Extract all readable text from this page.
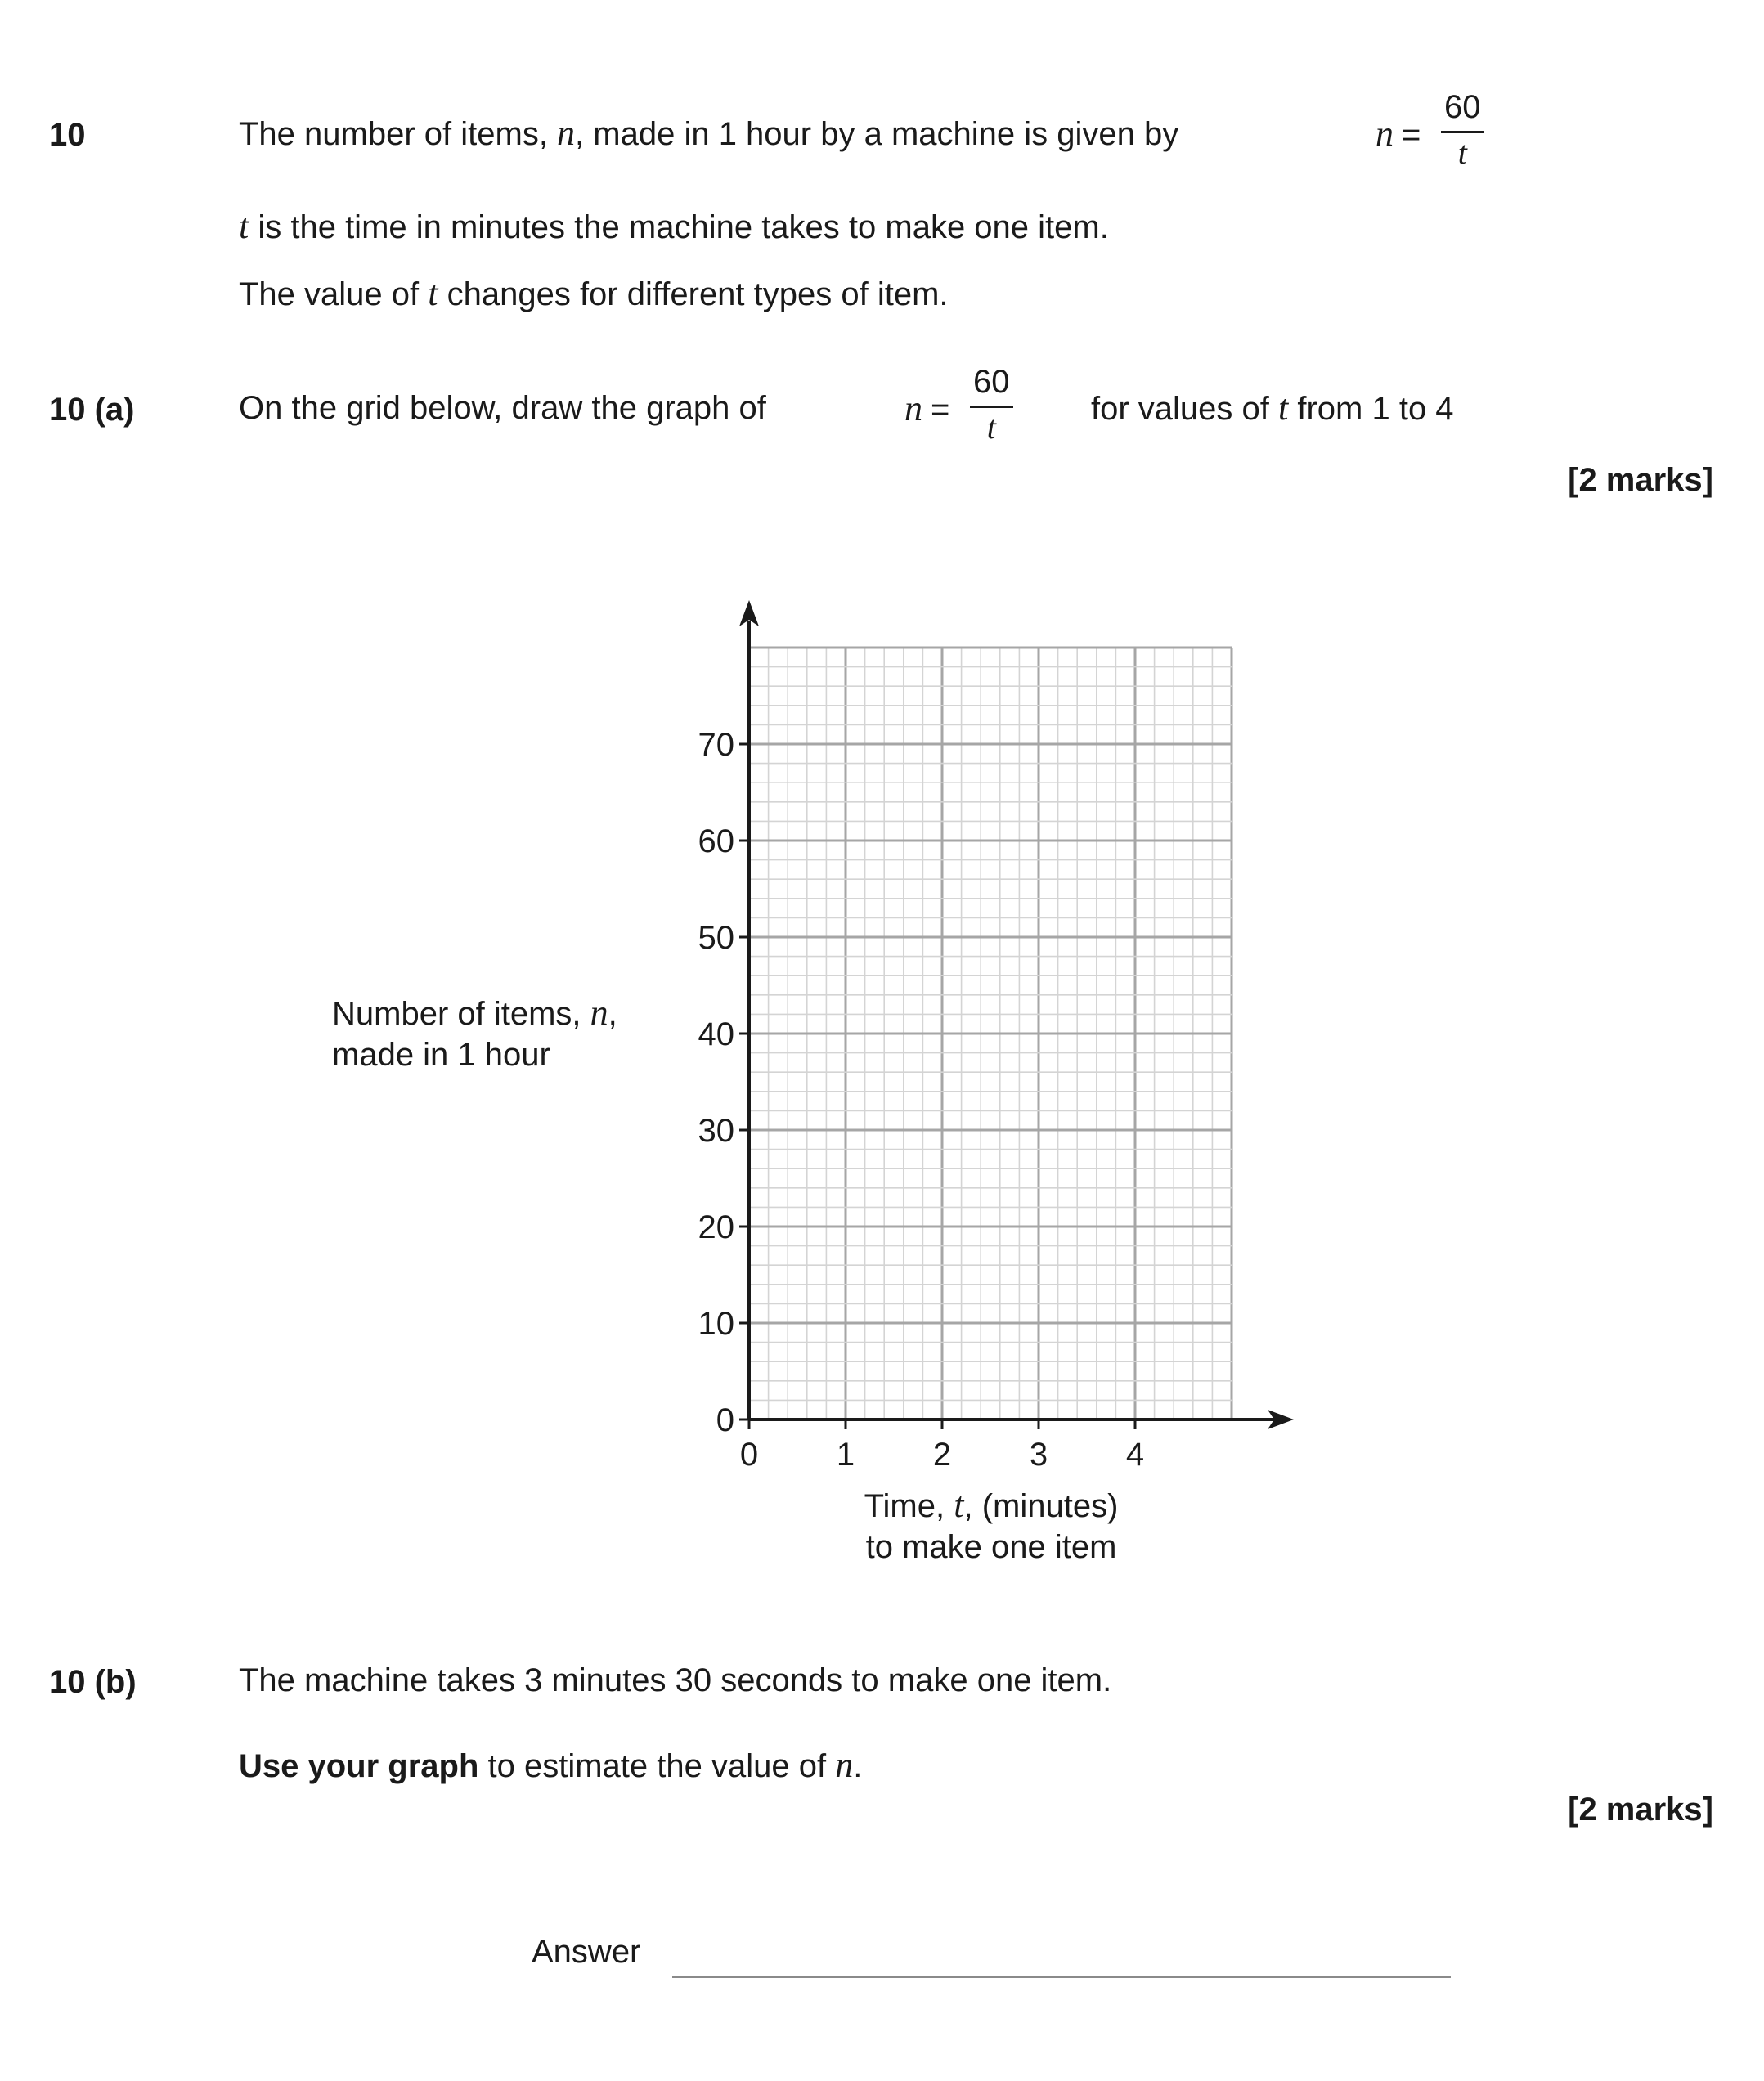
10	The number of items, n, made in 1 hour by a machine is given by	n =
60
t
t is the time in minutes the machine takes to make one item.
The value of t changes for different types of item.
10 (a)	On the grid below, draw the graph of	n =
60
t	for values of t from 1 to 4
[2 marks]
0
10
20
30
40
50
60
70
0 1 2 3 4
Number of items, n,
made in 1 hour
Time, t, (minutes)
to make one item
10 (b)	The machine takes 3 minutes 30 seconds to make one item.
Use your graph to estimate the value of n.
[2 marks]
Answer
